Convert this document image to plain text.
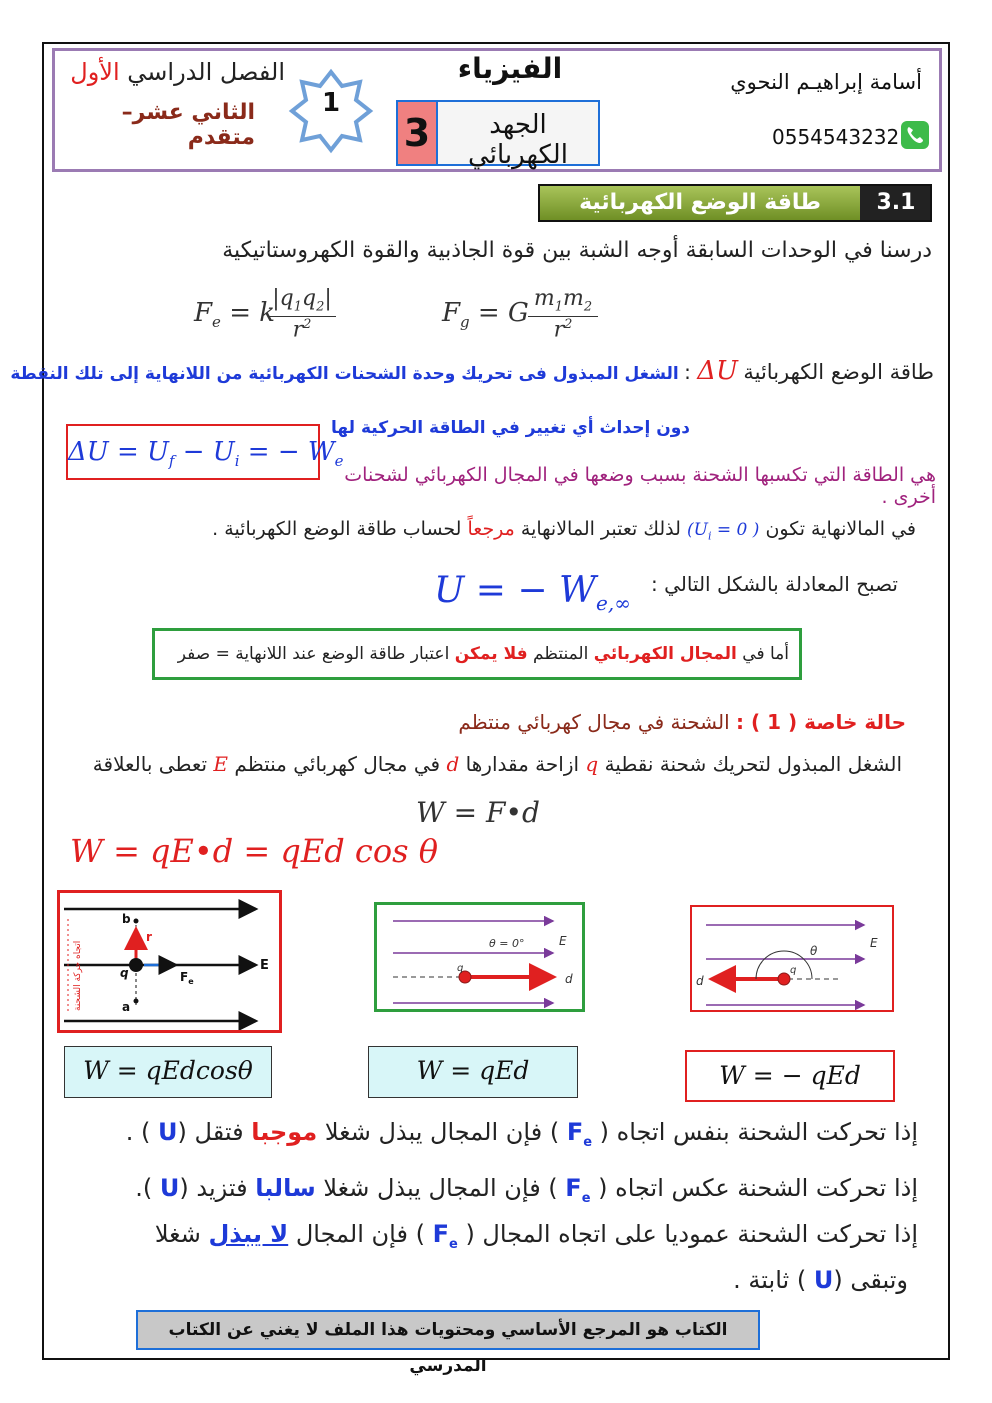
الفصل الدراسي الأول
الثاني عشر– متقدم
1
الفيزياء
3	الجهد الكهربائي
أسامة إبراهيـم النحوي
0554543232
طاقة الوضع الكهربائية	3.1
درسنا في الوحدات السابقة أوجه الشبة بين قوة الجاذبية والقوة الكهروستاتيكية
$F_g = G$ $m_1m_2$
$r^2$
$F_e = k$
$|q_1q_2|$
$r^2$
طاقة الوضع الكهربائية ΔU : الشغل المبذول فى تحريك وحدة الشحنات الكهربائية من اللانهاية إلى تلك النقطة
دون إحداث أي تغيير في الطاقة الحركية لها
$\Delta U = U_f - U_i$ = − $W_e$
هي الطاقة التي تكسبها الشحنة بسبب وضعها في المجال الكهربائي لشحنات أخرى .
في المالانهاية تكون ( $U_i = 0$) لذلك تعتبر المالانهاية مرجعاً لحساب طاقة الوضع الكهربائية .
تصبح المعادلة بالشكل التالي :
U = − $W_{e,\infty}$
أما في المجال الكهربائي المنتظم فلا يمكن اعتبار طاقة الوضع عند اللانهاية = صفر
حالة خاصة ( 1 ) : الشحنة في مجال كهربائي منتظم
الشغل المبذول لتحريك شحنة نقطية q ازاحة مقدارها d في مجال كهربائي منتظم E تعطى بالعلاقة
W = F•d
W = qE•d = qEd cos θ
b
a
q
r
$F_e$
E
اتجاه حركة الشحنة	θ = 0°
q
E
d
θ
q
E
d
W = qEdcosθ	W = qEd	W = − qEd
إذا تحركت الشحنة بنفس اتجاه ( $F_e$ ) فإن المجال يبذل شغلا موجبا فتقل (U ) .
إذا تحركت الشحنة عكس اتجاه ( $F_e$ ) فإن المجال يبذل شغلا سالبا فتزيد (U ).
إذا تحركت الشحنة عموديا على اتجاه المجال ( $F_e$ ) فإن المجال لا يبذل شغلا
وتبقى (U ) ثابتة .
الكتاب هو المرجع الأساسي ومحتويات هذا الملف لا يغني عن الكتاب المدرسي
